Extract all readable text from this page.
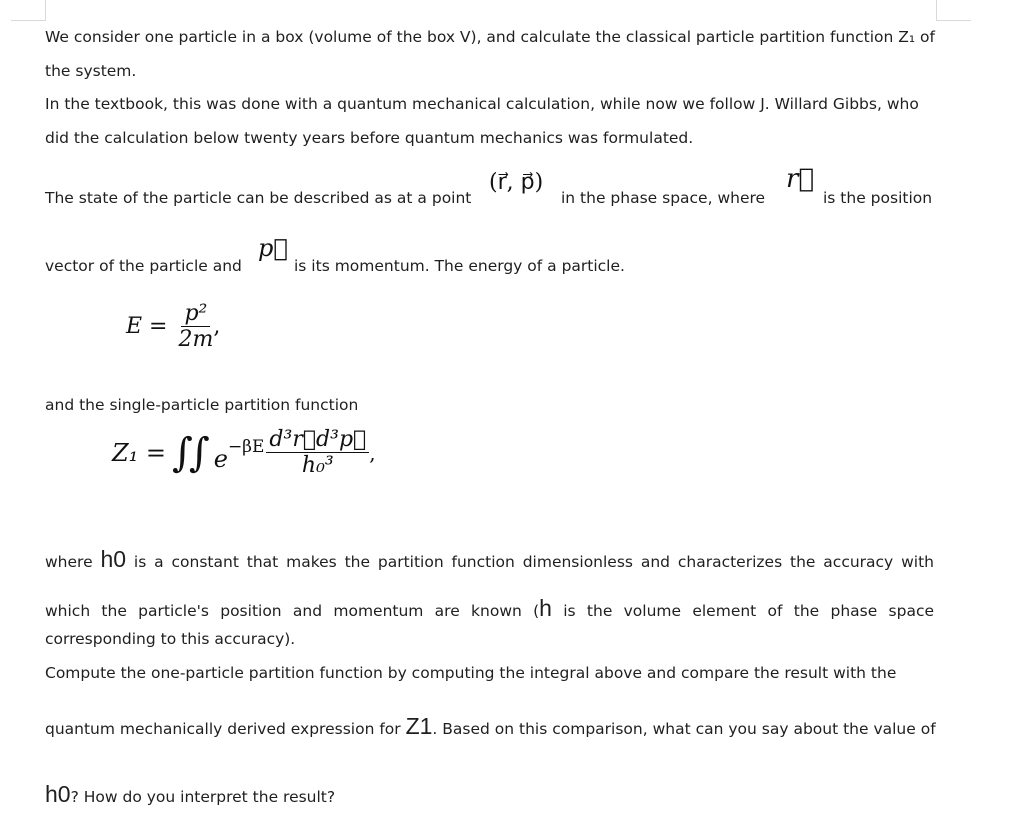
We consider one particle in a box (volume of the box V), and calculate the classical particle partition function Z₁ of
the system.
In the textbook, this was done with a quantum mechanical calculation, while now we follow J. Willard Gibbs, who
did the calculation below twenty years before quantum mechanics was formulated.
The state of the particle can be described as at a point
(r⃗, p⃗)
in the phase space, where
r⃗
is the position
vector of the particle and
p⃗
is its momentum. The energy of a particle.
$E = \frac{\text{p²}}{2m}$ ,
and the single-particle partition function
Z₁ = ∫∫ $e -\beta E \frac{\text{d³r⃗d³p⃗}}{\text{h₀³}}$ ,
where h0 is a constant that makes the partition function dimensionless and characterizes the accuracy with
which the particle's position and momentum are known (h is the volume element of the phase space
corresponding to this accuracy).
Compute the one-particle partition function by computing the integral above and compare the result with the
quantum mechanically derived expression for Z1. Based on this comparison, what can you say about the value of
h0? How do you interpret the result?
